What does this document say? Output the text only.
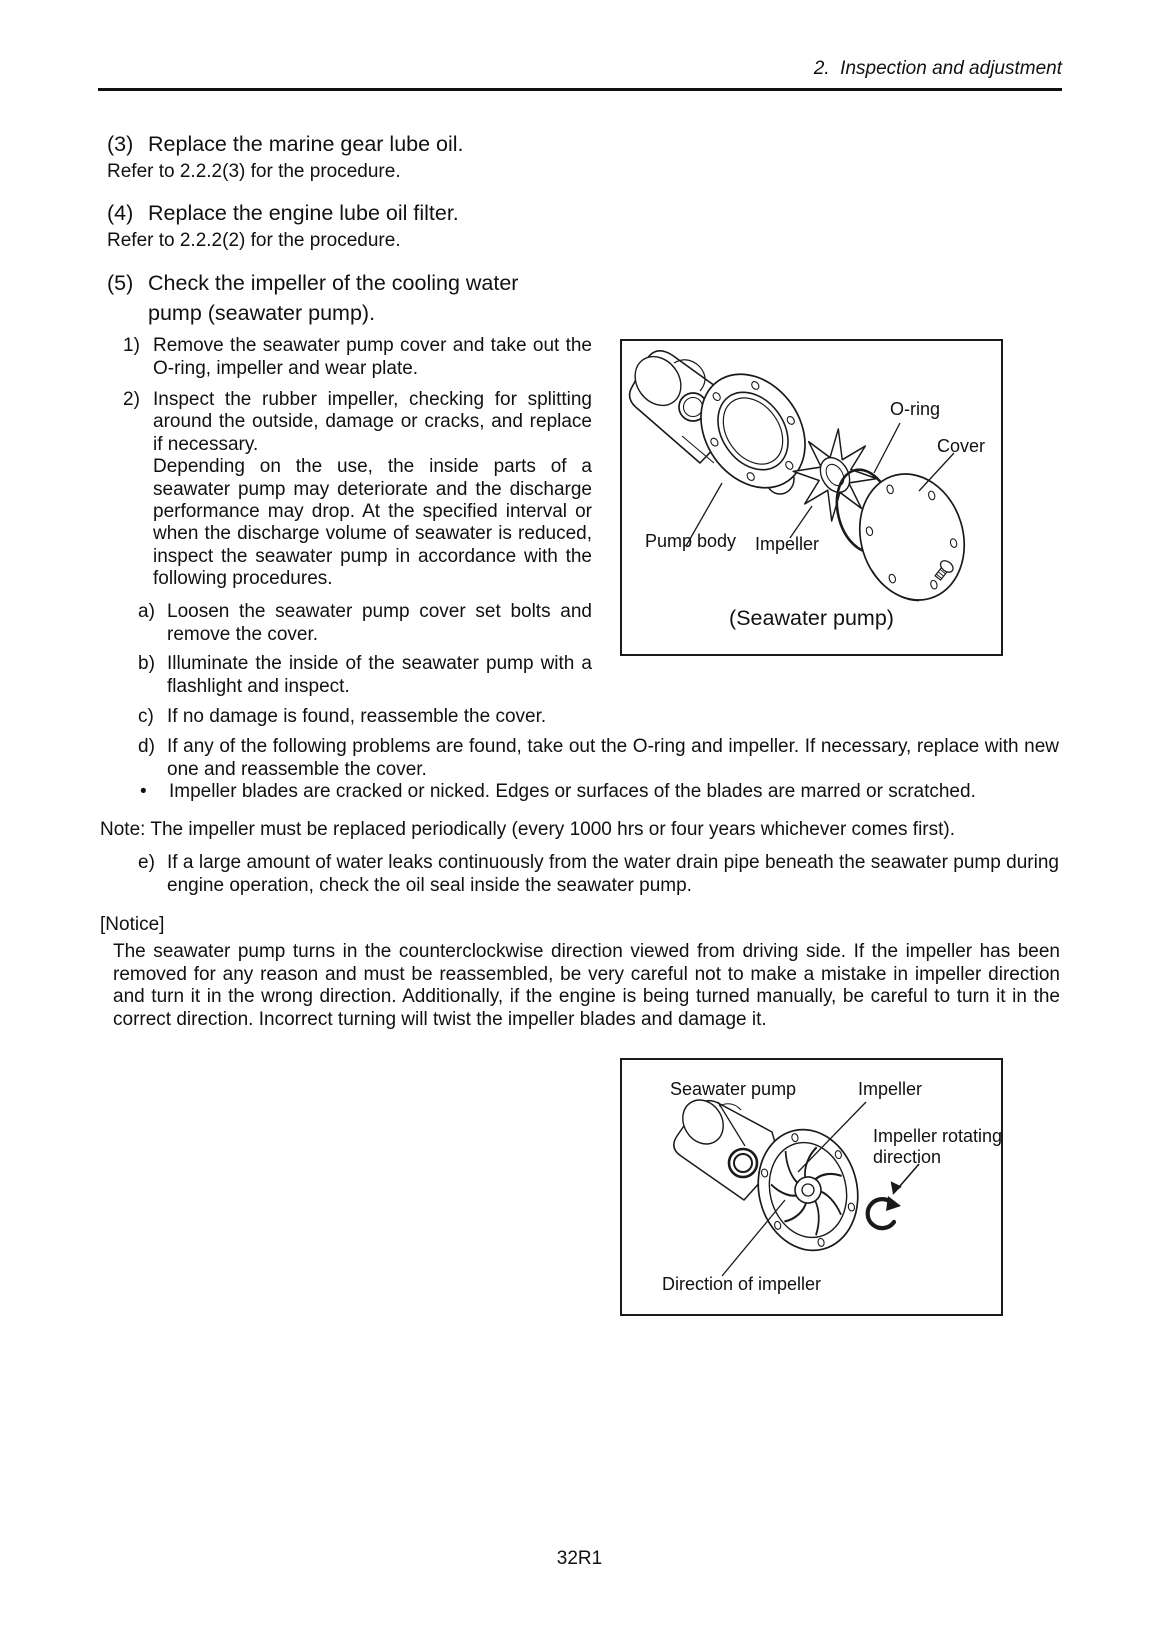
2.  Inspection and adjustment
(3) Replace the marine gear lube oil.
Refer to 2.2.2(3) for the procedure.
(4) Replace the engine lube oil filter.
Refer to 2.2.2(2) for the procedure.
(5) Check the impeller of the cooling water pump (seawater pump).
1) Remove the seawater pump cover and take out the O-ring, impeller and wear plate.
2) Inspect the rubber impeller, checking for splitting around the outside, damage or cracks, and replace if necessary.
Depending on the use, the inside parts of a seawater pump may deteriorate and the discharge performance may drop. At the specified interval or when the discharge volume of seawater is reduced, inspect the seawater pump in accordance with the following procedures.
a) Loosen the seawater pump cover set bolts and remove the cover.
b) Illuminate the inside of the seawater pump with a flashlight and inspect.
c) If no damage is found, reassemble the cover.
d) If any of the following problems are found, take out the O-ring and impeller. If necessary, replace with new one and reassemble the cover.
•	Impeller blades are cracked or nicked. Edges or surfaces of the blades are marred or scratched.
Note: The impeller must be replaced periodically (every 1000 hrs or four years whichever comes first).
e) If a large amount of water leaks continuously from the water drain pipe beneath the seawater pump during engine operation, check the oil seal inside the seawater pump.
[Notice]
The seawater pump turns in the counterclockwise direction viewed from driving side. If the impeller has been removed for any reason and must be reassembled, be very careful not to make a mistake in impeller direction and turn it in the wrong direction. Additionally, if the engine is being turned manually, be careful to turn it in the correct direction. Incorrect turning will twist the impeller blades and damage it.
O-ring
Cover
Pump body Impeller
(Seawater pump)
Seawater pump	Impeller
Impeller rotating direction
Direction of impeller
32R1
